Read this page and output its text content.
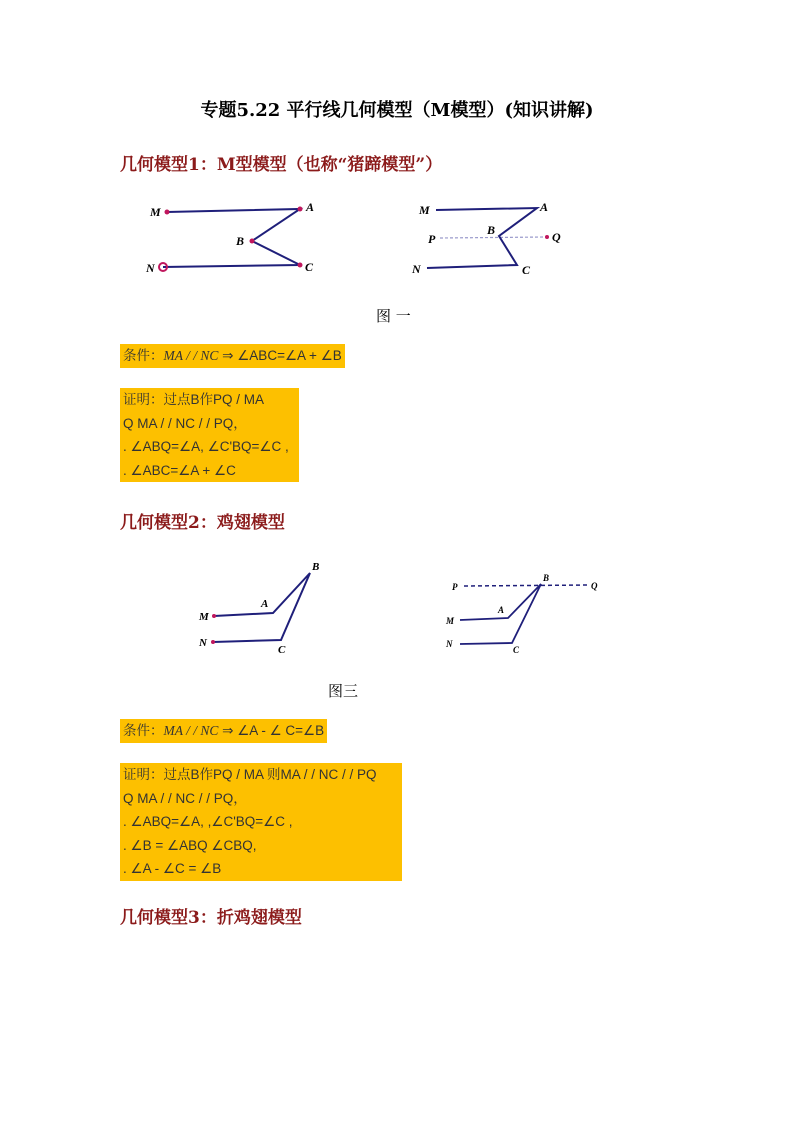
专题5.22 平行线几何模型（M模型）(知识讲解)
几何模型1：M型模型（也称“猪蹄模型”）
M	A
B
N	C
M	A
B
P	Q
N	C
B
A
M
N
C
P
B
Q
A
M
N
C
图 一
条件：MA / / NC ⇒ ∠ABC=∠A + ∠B
证明：过点B作PQ / MA
Q MA / / NC / / PQ，
. ∠ABQ=∠A, ∠C'BQ=∠C ,
. ∠ABC=∠A + ∠C
几何模型2：鸡翅模型
图三
条件：MA / / NC ⇒ ∠A - ∠ C=∠B
证明：过点B作PQ / MA 则MA / / NC / / PQ
Q MA / / NC / / PQ，
. ∠ABQ=∠A, ,∠C'BQ=∠C ,
. ∠B = ∠ABQ ∠CBQ,
. ∠A - ∠C = ∠B
几何模型3：折鸡翅模型
